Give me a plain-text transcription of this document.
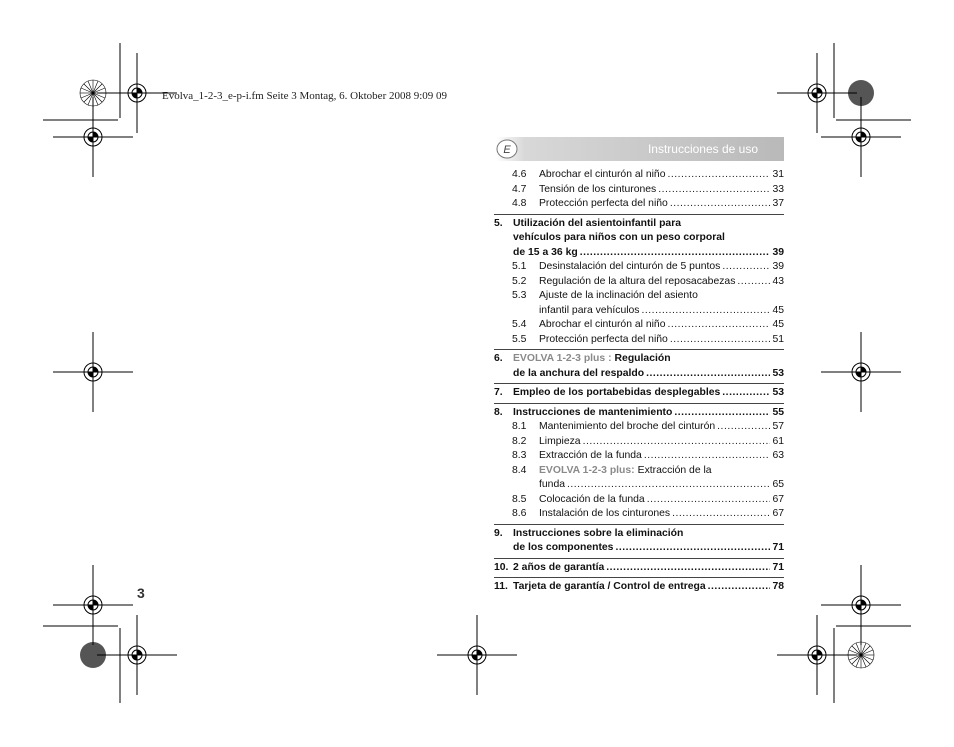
Evolva_1-2-3_e-p-i.fm Seite 3 Montag, 6. Oktober 2008 9:09 09
E	Instrucciones de uso
4.6	Abrochar el cinturón al niño .....	31
4.7	Tensión de los cinturones .....	33
4.8	Protección perfecta del niño .....	37
5. Utilización del asientoinfantil para
vehículos para niños con un peso corporal
de 15 a 36 kg .....	39
5.1	Desinstalación del cinturón de 5 puntos .....	39
5.2	Regulación de la altura del reposacabezas .....	43
5.3	Ajuste de la inclinación del asiento
infantil para vehículos .....	45
5.4	Abrochar el cinturón al niño .....	45
5.5	Protección perfecta del niño .....	51
6. EVOLVA 1-2-3 plus : Regulación
de la anchura del respaldo .....	53
7. Empleo de los portabebidas desplegables .....	53
8. Instrucciones de mantenimiento .....	55
8.1	Mantenimiento del broche del cinturón .....	57
8.2	Limpieza .....	61
8.3	Extracción de la funda .....	63
8.4	EVOLVA 1-2-3 plus: Extracción de la
funda .....	65
8.5	Colocación de la funda .....	67
8.6	Instalación de los cinturones .....	67
9. Instrucciones sobre la eliminación
de los componentes .....	71
10. 2 años de garantía .....	71
11. Tarjeta de garantía / Control de entrega .....	78
3
